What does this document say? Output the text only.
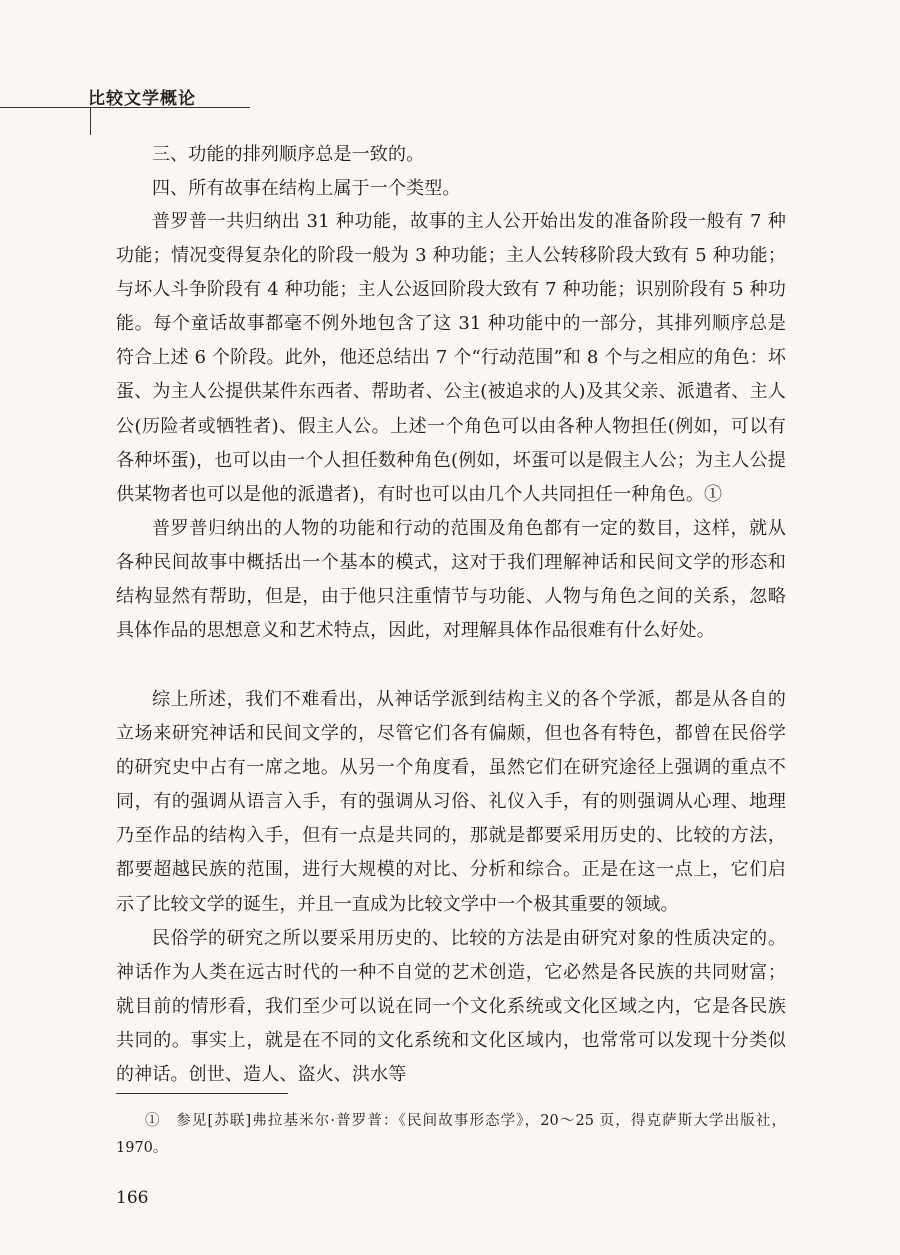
比较文学概论

三、功能的排列顺序总是一致的。

四、所有故事在结构上属于一个类型。

普罗普一共归纳出 31 种功能，故事的主人公开始出发的准备阶段一般有 7 种功能；情况变得复杂化的阶段一般为 3 种功能；主人公转移阶段大致有 5 种功能；与坏人斗争阶段有 4 种功能；主人公返回阶段大致有 7 种功能；识别阶段有 5 种功能。每个童话故事都毫不例外地包含了这 31 种功能中的一部分，其排列顺序总是符合上述 6 个阶段。此外，他还总结出 7 个“行动范围”和 8 个与之相应的角色：坏蛋、为主人公提供某件东西者、帮助者、公主(被追求的人)及其父亲、派遣者、主人公(历险者或牺牲者)、假主人公。上述一个角色可以由各种人物担任(例如，可以有各种坏蛋)，也可以由一个人担任数种角色(例如，坏蛋可以是假主人公；为主人公提供某物者也可以是他的派遣者)，有时也可以由几个人共同担任一种角色。①

普罗普归纳出的人物的功能和行动的范围及角色都有一定的数目，这样，就从各种民间故事中概括出一个基本的模式，这对于我们理解神话和民间文学的形态和结构显然有帮助，但是，由于他只注重情节与功能、人物与角色之间的关系，忽略具体作品的思想意义和艺术特点，因此，对理解具体作品很难有什么好处。

综上所述，我们不难看出，从神话学派到结构主义的各个学派，都是从各自的立场来研究神话和民间文学的，尽管它们各有偏颇，但也各有特色，都曾在民俗学的研究史中占有一席之地。从另一个角度看，虽然它们在研究途径上强调的重点不同，有的强调从语言入手，有的强调从习俗、礼仪入手，有的则强调从心理、地理乃至作品的结构入手，但有一点是共同的，那就是都要采用历史的、比较的方法，都要超越民族的范围，进行大规模的对比、分析和综合。正是在这一点上，它们启示了比较文学的诞生，并且一直成为比较文学中一个极其重要的领域。

民俗学的研究之所以要采用历史的、比较的方法是由研究对象的性质决定的。神话作为人类在远古时代的一种不自觉的艺术创造，它必然是各民族的共同财富；就目前的情形看，我们至少可以说在同一个文化系统或文化区域之内，它是各民族共同的。事实上，就是在不同的文化系统和文化区域内，也常常可以发现十分类似的神话。创世、造人、盗火、洪水等

①　参见[苏联]弗拉基米尔·普罗普：《民间故事形态学》，20～25 页，得克萨斯大学出版社，1970。

166
